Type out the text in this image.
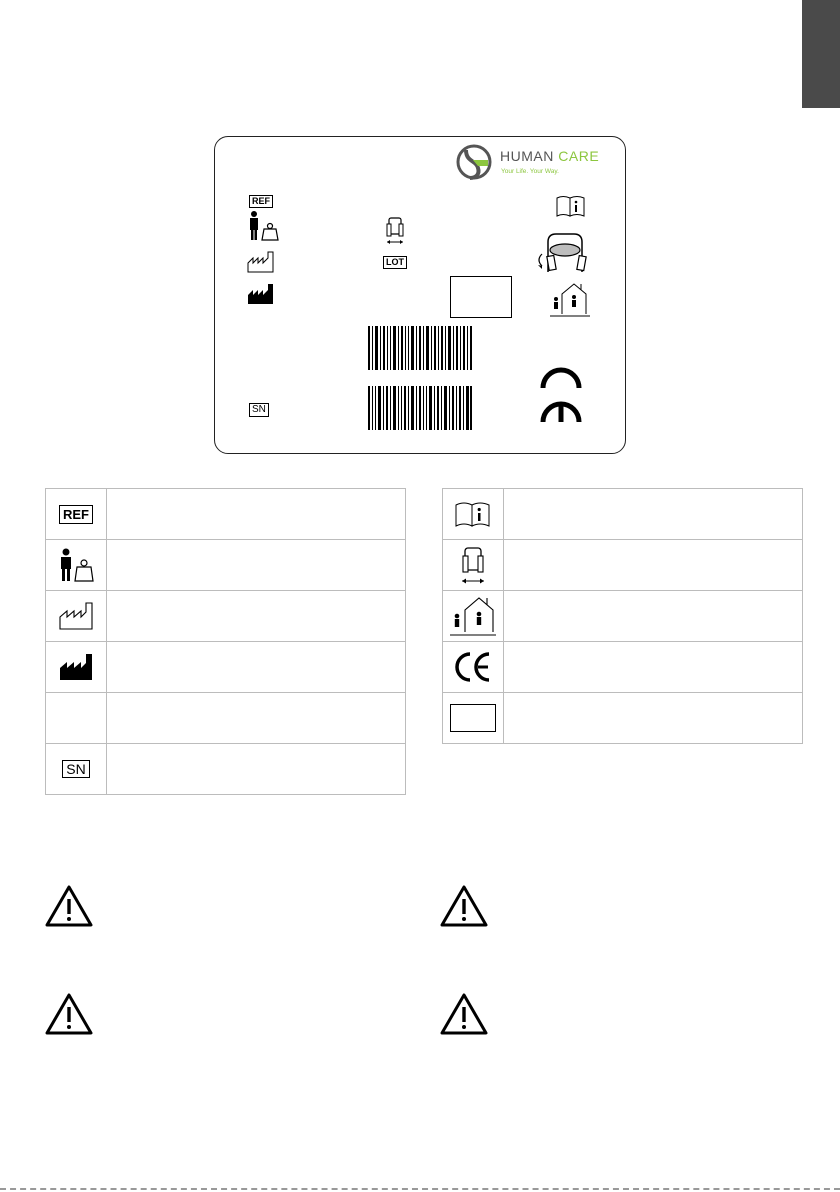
HUMAN CARE
Your Life. Your Way.
REF
SN
LOT
REF	

SN	
